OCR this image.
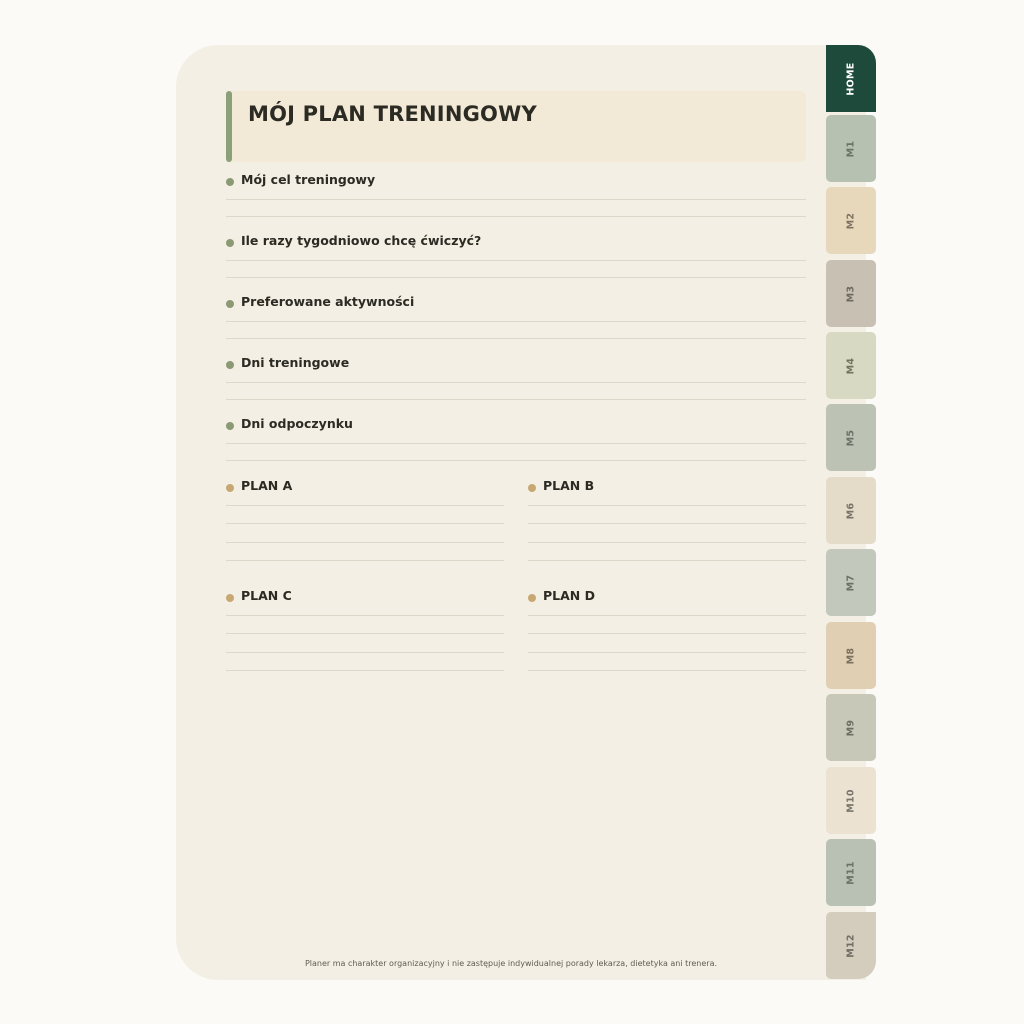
MÓJ PLAN TRENINGOWY
Mój cel treningowy
Ile razy tygodniowo chcę ćwiczyć?
Preferowane aktywności
Dni treningowe
Dni odpoczynku
PLAN A	PLAN B
PLAN C	PLAN D
Planer ma charakter organizacyjny i nie zastępuje indywidualnej porady lekarza, dietetyka ani trenera.
HOME
M1
M2
M3
M4
M5
M6
M7
M8
M9
M10
M11
M12
